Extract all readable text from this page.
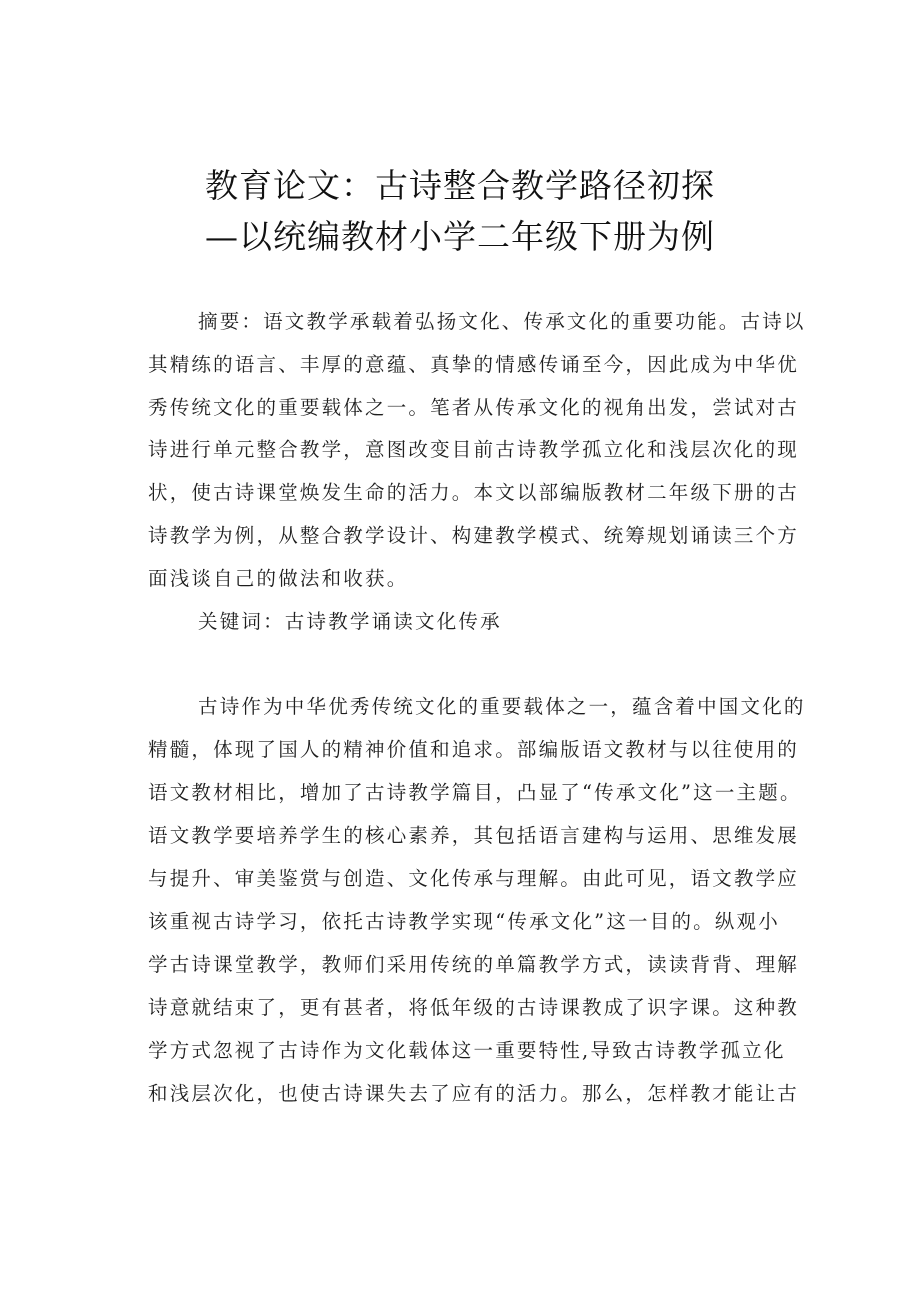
教育论文：古诗整合教学路径初探
—以统编教材小学二年级下册为例
摘要：语文教学承载着弘扬文化、传承文化的重要功能。古诗以
其精练的语言、丰厚的意蕴、真挚的情感传诵至今，因此成为中华优
秀传统文化的重要载体之一。笔者从传承文化的视角出发，尝试对古
诗进行单元整合教学，意图改变目前古诗教学孤立化和浅层次化的现
状，使古诗课堂焕发生命的活力。本文以部编版教材二年级下册的古
诗教学为例，从整合教学设计、构建教学模式、统筹规划诵读三个方
面浅谈自己的做法和收获。
关键词：古诗教学诵读文化传承
古诗作为中华优秀传统文化的重要载体之一，蕴含着中国文化的
精髓，体现了国人的精神价值和追求。部编版语文教材与以往使用的
语文教材相比，增加了古诗教学篇目，凸显了“传承文化”这一主题。
语文教学要培养学生的核心素养，其包括语言建构与运用、思维发展
与提升、审美鉴赏与创造、文化传承与理解。由此可见，语文教学应
该重视古诗学习，依托古诗教学实现“传承文化”这一目的。纵观小
学古诗课堂教学，教师们采用传统的单篇教学方式，读读背背、理解
诗意就结束了，更有甚者，将低年级的古诗课教成了识字课。这种教
学方式忽视了古诗作为文化载体这一重要特性,导致古诗教学孤立化
和浅层次化，也使古诗课失去了应有的活力。那么，怎样教才能让古
